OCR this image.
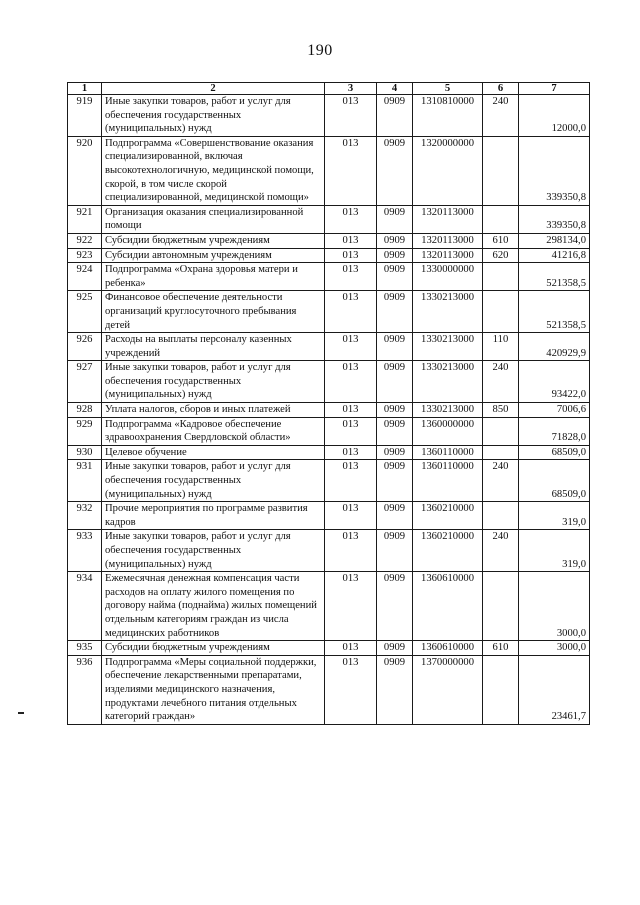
190
1	2	3	4	5	6	7
919	Иные закупки товаров, работ и услуг для обеспечения государственных (муниципальных) нужд	013	0909	1310810000	240	12000,0
920	Подпрограмма «Совершенствование оказания специализированной, включая высокотехнологичную, медицинской помощи, скорой, в том числе скорой специализированной, медицинской помощи»	013	0909	1320000000		339350,8
921	Организация оказания специализированной помощи	013	0909	1320113000		339350,8
922	Субсидии бюджетным учреждениям	013	0909	1320113000	610	298134,0
923	Субсидии автономным учреждениям	013	0909	1320113000	620	41216,8
924	Подпрограмма «Охрана здоровья матери и ребенка»	013	0909	1330000000		521358,5
925	Финансовое обеспечение деятельности организаций круглосуточного пребывания детей	013	0909	1330213000		521358,5
926	Расходы на выплаты персоналу казенных учреждений	013	0909	1330213000	110	420929,9
927	Иные закупки товаров, работ и услуг для обеспечения государственных (муниципальных) нужд	013	0909	1330213000	240	93422,0
928	Уплата налогов, сборов и иных платежей	013	0909	1330213000	850	7006,6
929	Подпрограмма «Кадровое обеспечение здравоохранения Свердловской области»	013	0909	1360000000		71828,0
930	Целевое обучение	013	0909	1360110000		68509,0
931	Иные закупки товаров, работ и услуг для обеспечения государственных (муниципальных) нужд	013	0909	1360110000	240	68509,0
932	Прочие мероприятия по программе развития кадров	013	0909	1360210000		319,0
933	Иные закупки товаров, работ и услуг для обеспечения государственных (муниципальных) нужд	013	0909	1360210000	240	319,0
934	Ежемесячная денежная компенсация части расходов на оплату жилого помещения по договору найма (поднайма) жилых помещений отдельным категориям граждан из числа медицинских работников	013	0909	1360610000		3000,0
935	Субсидии бюджетным учреждениям	013	0909	1360610000	610	3000,0
936	Подпрограмма «Меры социальной поддержки, обеспечение лекарственными препаратами, изделиями медицинского назначения, продуктами лечебного питания отдельных категорий граждан»	013	0909	1370000000		23461,7
